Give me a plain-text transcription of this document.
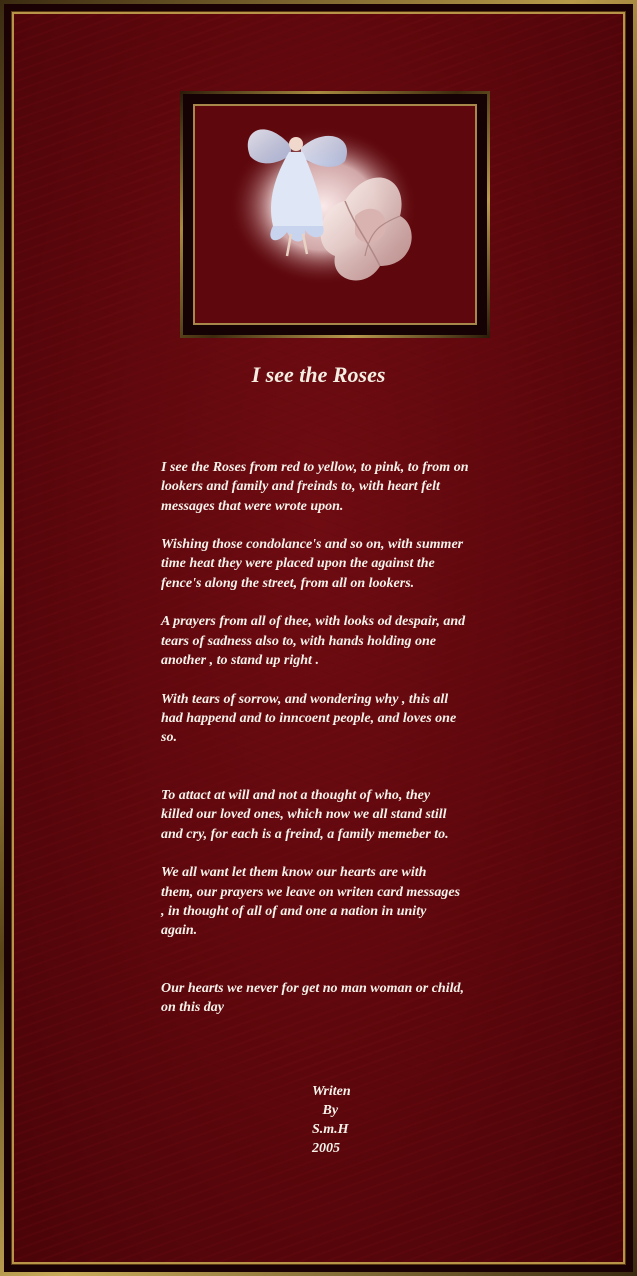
I see the Roses

I see the Roses from red to yellow, to pink, to from on
lookers and family and freinds to, with heart felt
messages that were wrote upon.

Wishing those condolance's and so on, with summer
time heat they were placed upon the against the
fence's along the street, from all on lookers.

A prayers from all of thee, with looks od despair, and
tears of sadness also to, with hands holding one
another , to stand up right .

With tears of sorrow, and wondering why , this all
had happend and to inncoent people, and loves one
so.

To attact at will and not a thought of who, they
killed our loved ones, which now we all stand still
and cry, for each is a freind, a family memeber to.

We all want let them know our hearts are with
them, our prayers we leave on writen card messages
, in thought of all of and one a nation in unity
again.

Our hearts we never for get no man woman or child,
on this day

Writen
By
S.m.H
2005
